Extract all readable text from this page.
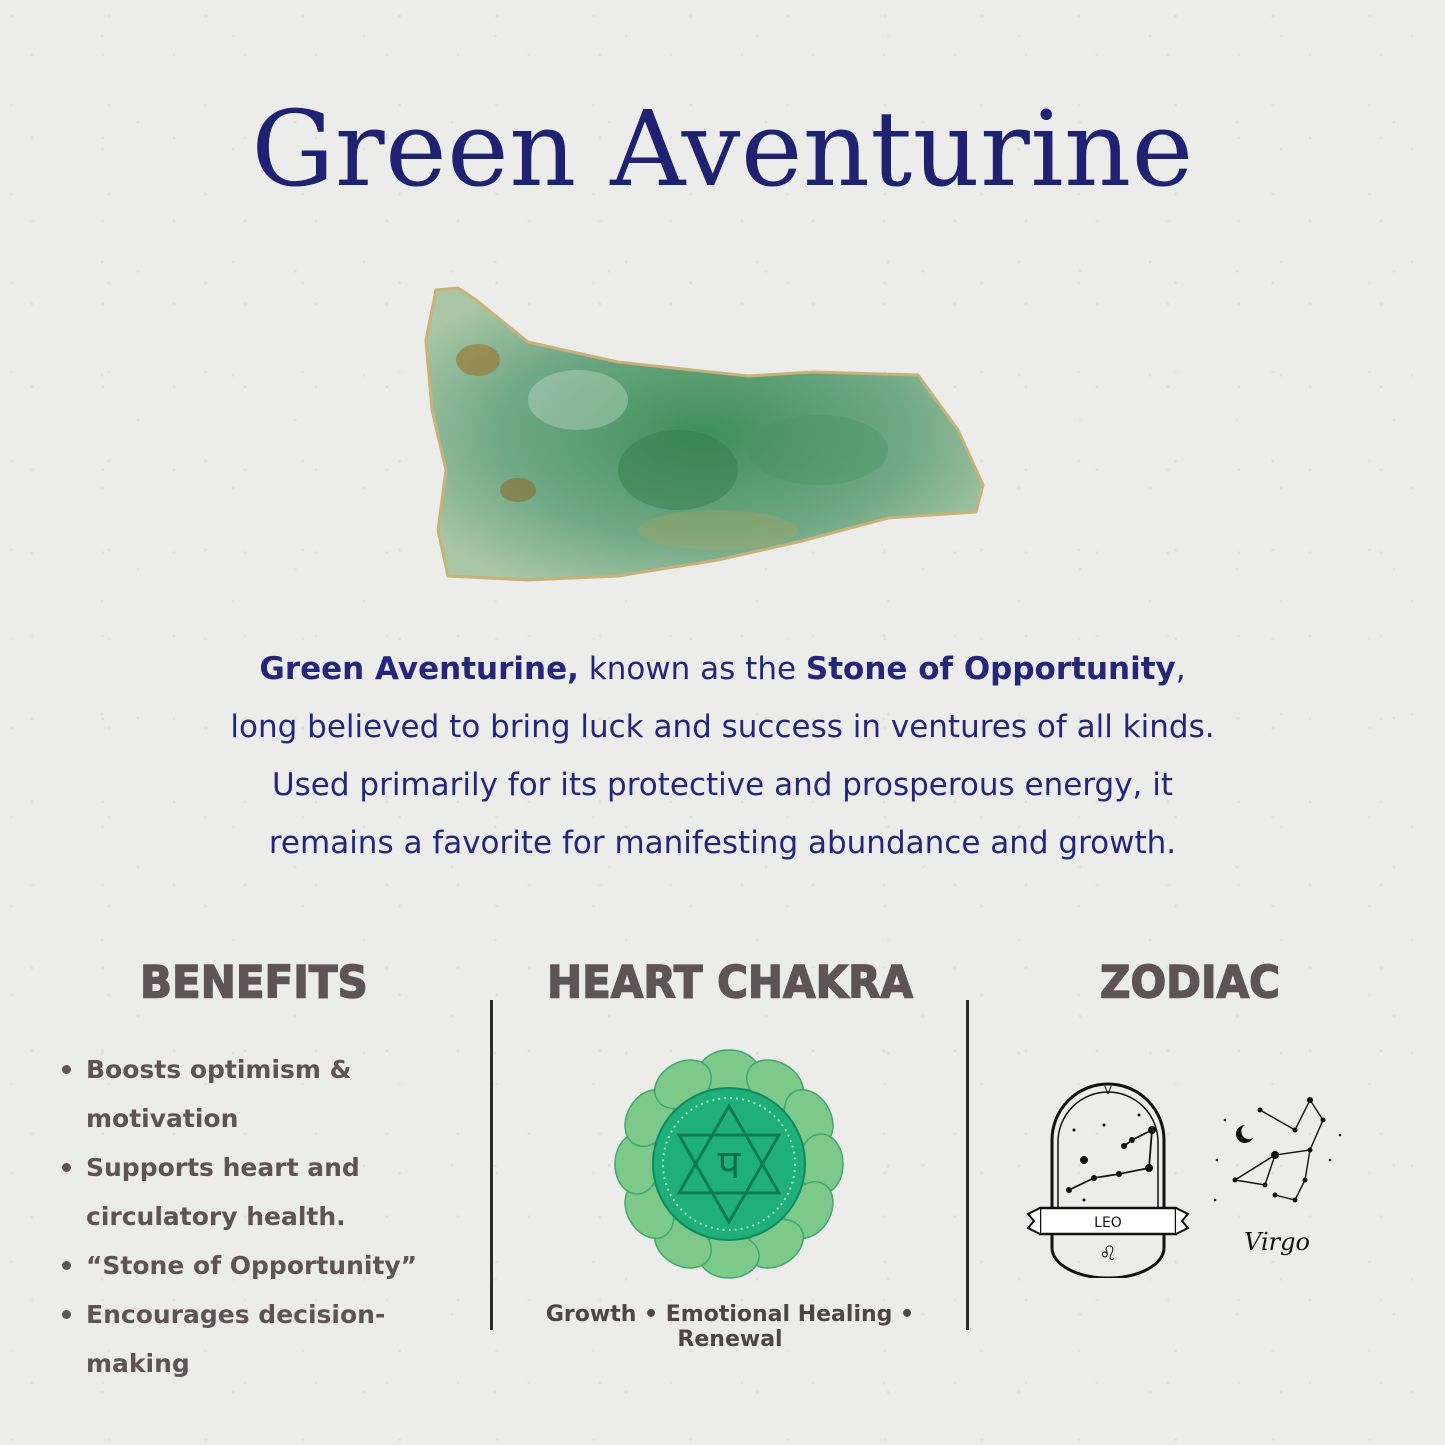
Green Aventurine

Green Aventurine, known as the Stone of Opportunity, long believed to bring luck and success in ventures of all kinds. Used primarily for its protective and prosperous energy, it remains a favorite for manifesting abundance and growth.

BENEFITS	HEART CHAKRA	ZODIAC
Boosts optimism & motivation
Supports heart and circulatory health.
“Stone of Opportunity”
Encourages decision-making
प
Growth • Emotional Healing • Renewal
V
LEO
♌	Virgo
